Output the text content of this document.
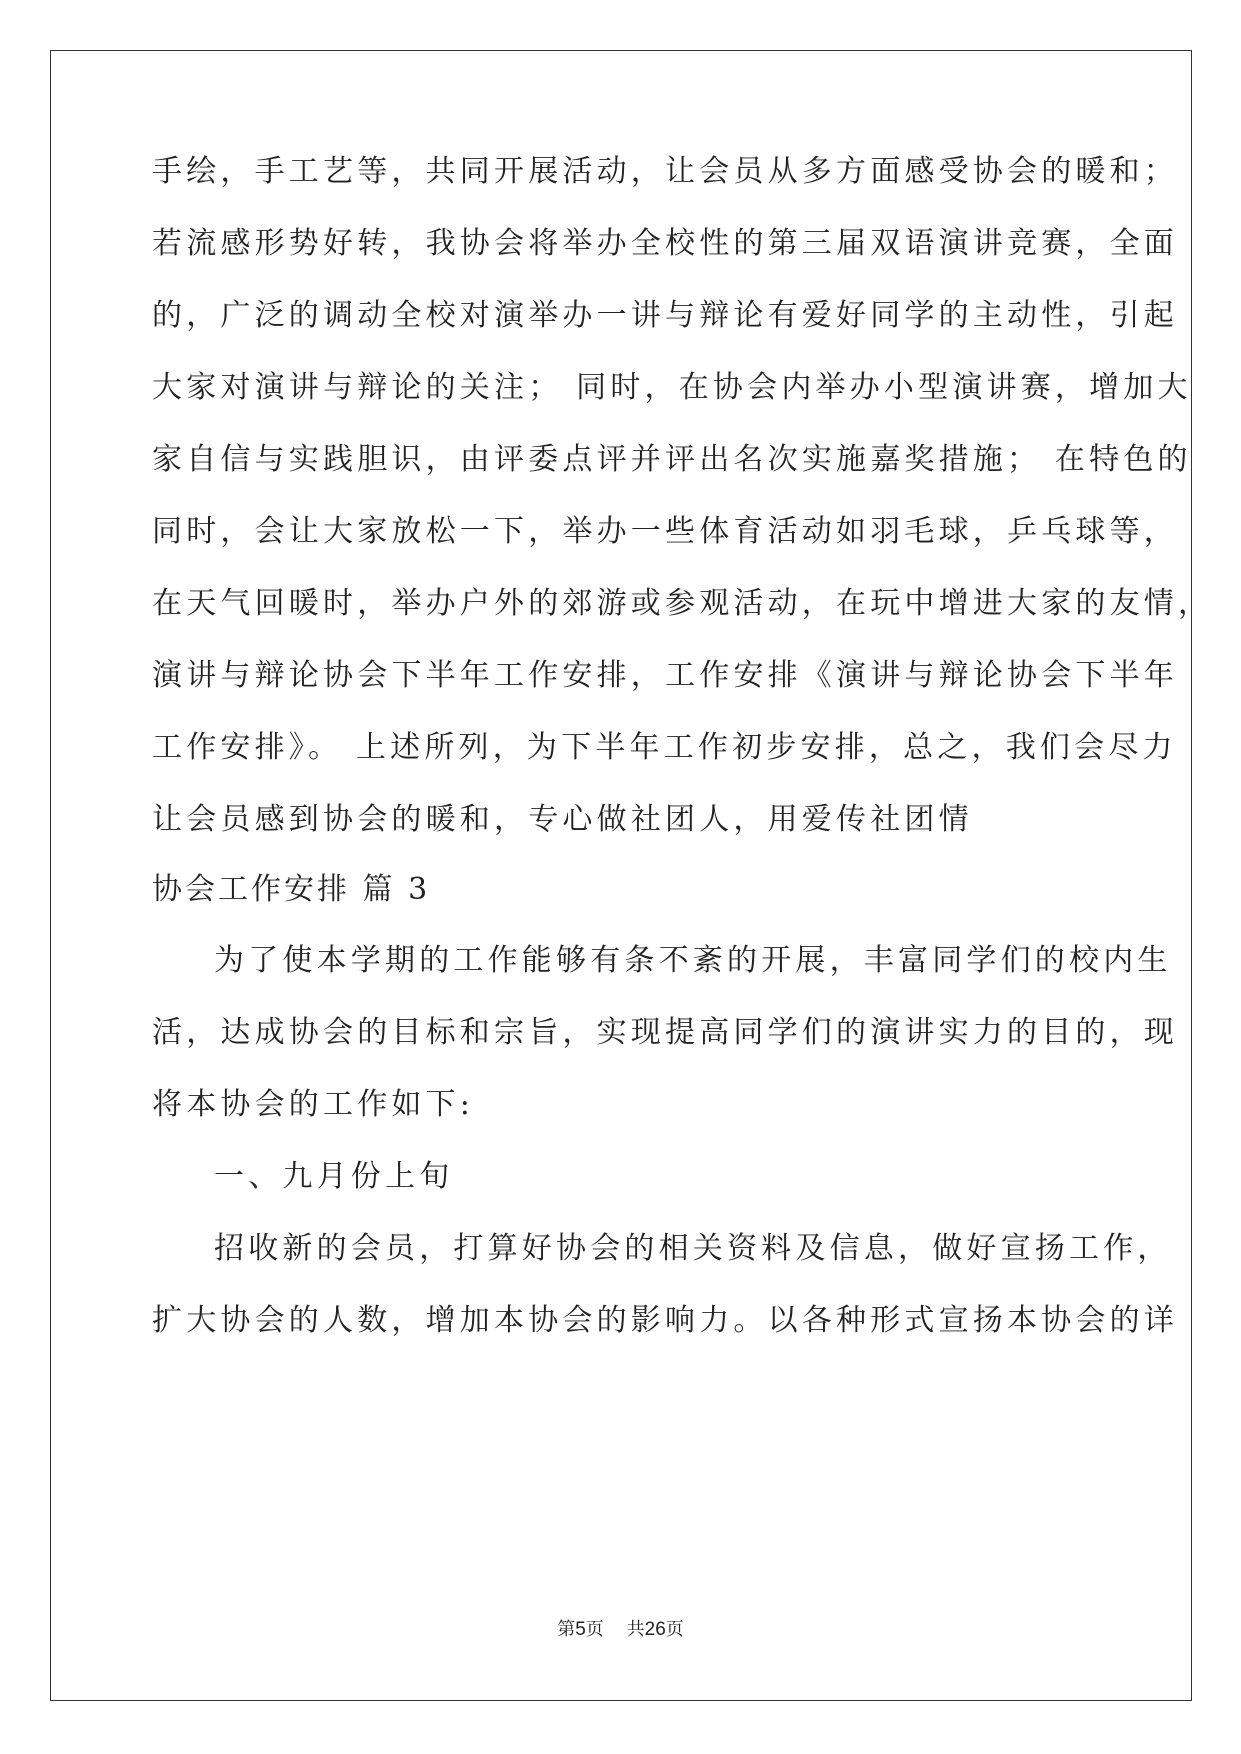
手绘，手工艺等，共同开展活动，让会员从多方面感受协会的暖和；
若流感形势好转，我协会将举办全校性的第三届双语演讲竞赛，全面
的，广泛的调动全校对演举办一讲与辩论有爱好同学的主动性，引起
大家对演讲与辩论的关注； 同时，在协会内举办小型演讲赛，增加大
家自信与实践胆识，由评委点评并评出名次实施嘉奖措施； 在特色的
同时，会让大家放松一下，举办一些体育活动如羽毛球，乒乓球等，
在天气回暖时，举办户外的郊游或参观活动，在玩中增进大家的友情，
演讲与辩论协会下半年工作安排，工作安排《演讲与辩论协会下半年
工作安排》。 上述所列，为下半年工作初步安排，总之，我们会尽力
让会员感到协会的暖和，专心做社团人，用爱传社团情
协会工作安排 篇 3
为了使本学期的工作能够有条不紊的开展，丰富同学们的校内生
活，达成协会的目标和宗旨，实现提高同学们的演讲实力的目的，现
将本协会的工作如下:
一、九月份上旬
招收新的会员，打算好协会的相关资料及信息，做好宣扬工作，
扩大协会的人数，增加本协会的影响力。以各种形式宣扬本协会的详
第5页 共26页
